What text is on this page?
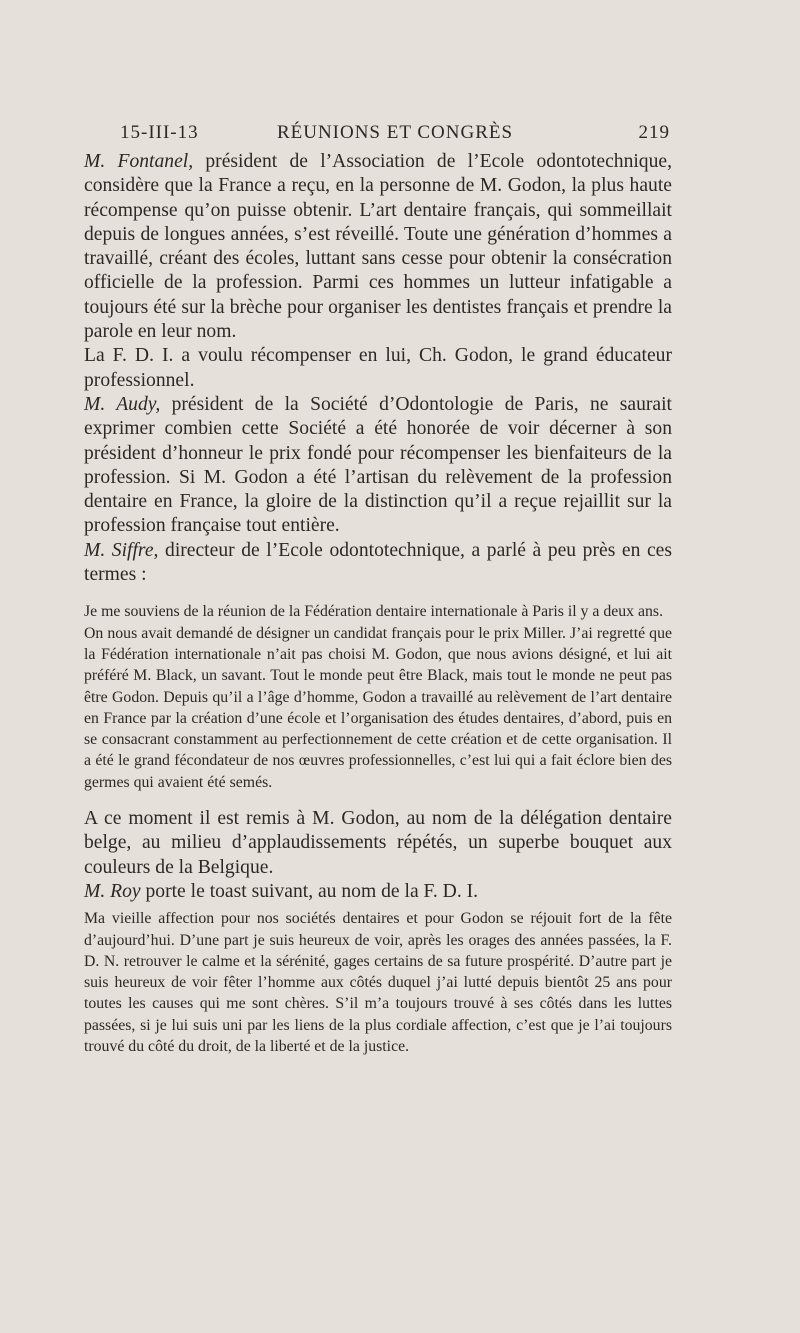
15-III-13	RÉUNIONS ET CONGRÈS	219

M. Fontanel, président de l’Association de l’Ecole odontotechnique, considère que la France a reçu, en la personne de M. Godon, la plus haute récompense qu’on puisse obtenir. L’art dentaire français, qui sommeillait depuis de longues années, s’est réveillé. Toute une génération d’hommes a travaillé, créant des écoles, luttant sans cesse pour obtenir la consécration officielle de la profession. Parmi ces hommes un lutteur infatigable a toujours été sur la brèche pour organiser les dentistes français et prendre la parole en leur nom.

La F. D. I. a voulu récompenser en lui, Ch. Godon, le grand éducateur professionnel.

M. Audy, président de la Société d’Odontologie de Paris, ne saurait exprimer combien cette Société a été honorée de voir décerner à son président d’honneur le prix fondé pour récompenser les bienfaiteurs de la profession. Si M. Godon a été l’artisan du relèvement de la profession dentaire en France, la gloire de la distinction qu’il a reçue rejaillit sur la profession française tout entière.

M. Siffre, directeur de l’Ecole odontotechnique, a parlé à peu près en ces termes :

Je me souviens de la réunion de la Fédération dentaire internationale à Paris il y a deux ans.

On nous avait demandé de désigner un candidat français pour le prix Miller. J’ai regretté que la Fédération internationale n’ait pas choisi M. Godon, que nous avions désigné, et lui ait préféré M. Black, un savant. Tout le monde peut être Black, mais tout le monde ne peut pas être Godon. Depuis qu’il a l’âge d’homme, Godon a travaillé au relèvement de l’art dentaire en France par la création d’une école et l’organisation des études dentaires, d’abord, puis en se consacrant constamment au perfectionnement de cette création et de cette organisation. Il a été le grand fécondateur de nos œuvres professionnelles, c’est lui qui a fait éclore bien des germes qui avaient été semés.

A ce moment il est remis à M. Godon, au nom de la délégation dentaire belge, au milieu d’applaudissements répétés, un superbe bouquet aux couleurs de la Belgique.

M. Roy porte le toast suivant, au nom de la F. D. I.

Ma vieille affection pour nos sociétés dentaires et pour Godon se réjouit fort de la fête d’aujourd’hui. D’une part je suis heureux de voir, après les orages des années passées, la F. D. N. retrouver le calme et la sérénité, gages certains de sa future prospérité. D’autre part je suis heureux de voir fêter l’homme aux côtés duquel j’ai lutté depuis bientôt 25 ans pour toutes les causes qui me sont chères. S’il m’a toujours trouvé à ses côtés dans les luttes passées, si je lui suis uni par les liens de la plus cordiale affection, c’est que je l’ai toujours trouvé du côté du droit, de la liberté et de la justice.
